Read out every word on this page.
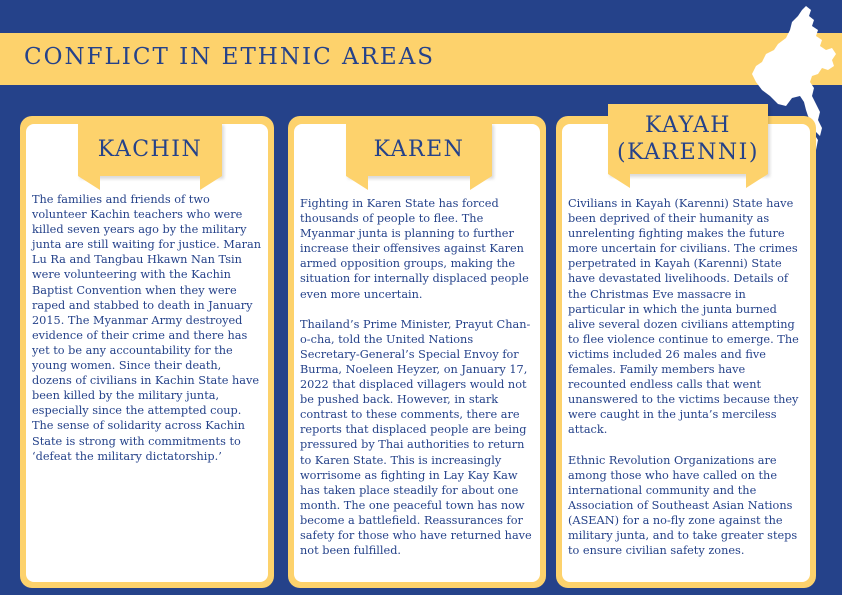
CONFLICT IN ETHNIC AREAS
KACHIN

The families and friends of two volunteer Kachin teachers who were killed seven years ago by the military junta are still waiting for justice. Maran Lu Ra and Tangbau Hkawn Nan Tsin were volunteering with the Kachin Baptist Convention when they were raped and stabbed to death in January 2015. The Myanmar Army destroyed evidence of their crime and there has yet to be any accountability for the young women. Since their death, dozens of civilians in Kachin State have been killed by the military junta, especially since the attempted coup. The sense of solidarity across Kachin State is strong with commitments to ‘defeat the military dictatorship.’

KAREN

Fighting in Karen State has forced thousands of people to flee. The Myanmar junta is planning to further increase their offensives against Karen armed opposition groups, making the situation for internally displaced people even more uncertain.

Thailand’s Prime Minister, Prayut Chan-o-cha, told the United Nations Secretary-General’s Special Envoy for Burma, Noeleen Heyzer, on January 17, 2022 that displaced villagers would not be pushed back. However, in stark contrast to these comments, there are reports that displaced people are being pressured by Thai authorities to return to Karen State. This is increasingly worrisome as fighting in Lay Kay Kaw has taken place steadily for about one month. The one peaceful town has now become a battlefield. Reassurances for safety for those who have returned have not been fulfilled.

KAYAH
(KARENNI)

Civilians in Kayah (Karenni) State have been deprived of their humanity as unrelenting fighting makes the future more uncertain for civilians. The crimes perpetrated in Kayah (Karenni) State have devastated livelihoods. Details of the Christmas Eve massacre in particular in which the junta burned alive several dozen civilians attempting to flee violence continue to emerge. The victims included 26 males and five females. Family members have recounted endless calls that went unanswered to the victims because they were caught in the junta’s merciless attack.

Ethnic Revolution Organizations are among those who have called on the international community and the Association of Southeast Asian Nations (ASEAN) for a no-fly zone against the military junta, and to take greater steps to ensure civilian safety zones.
